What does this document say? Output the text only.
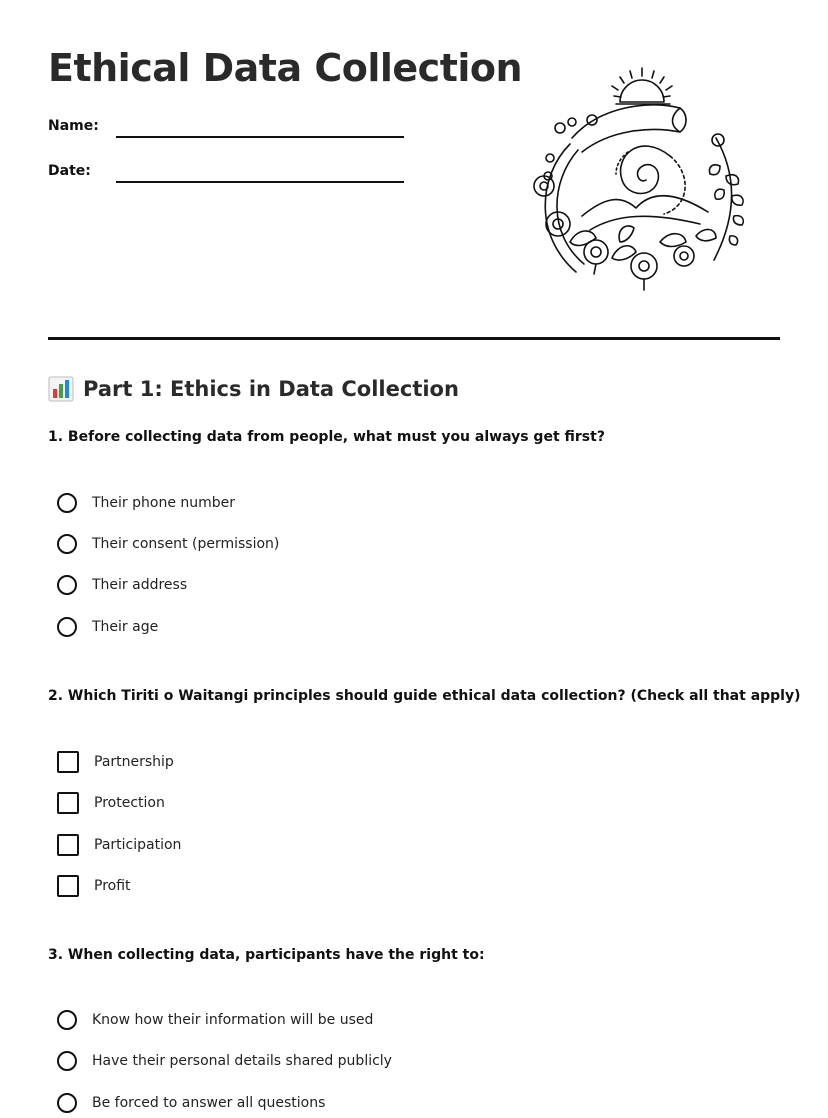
Ethical Data Collection
Name:
Date:
Part 1: Ethics in Data Collection
1. Before collecting data from people, what must you always get first?
Their phone number
Their consent (permission)
Their address
Their age
2. Which Tiriti o Waitangi principles should guide ethical data collection? (Check all that apply)
Partnership
Protection
Participation
Profit
3. When collecting data, participants have the right to:
Know how their information will be used
Have their personal details shared publicly
Be forced to answer all questions
